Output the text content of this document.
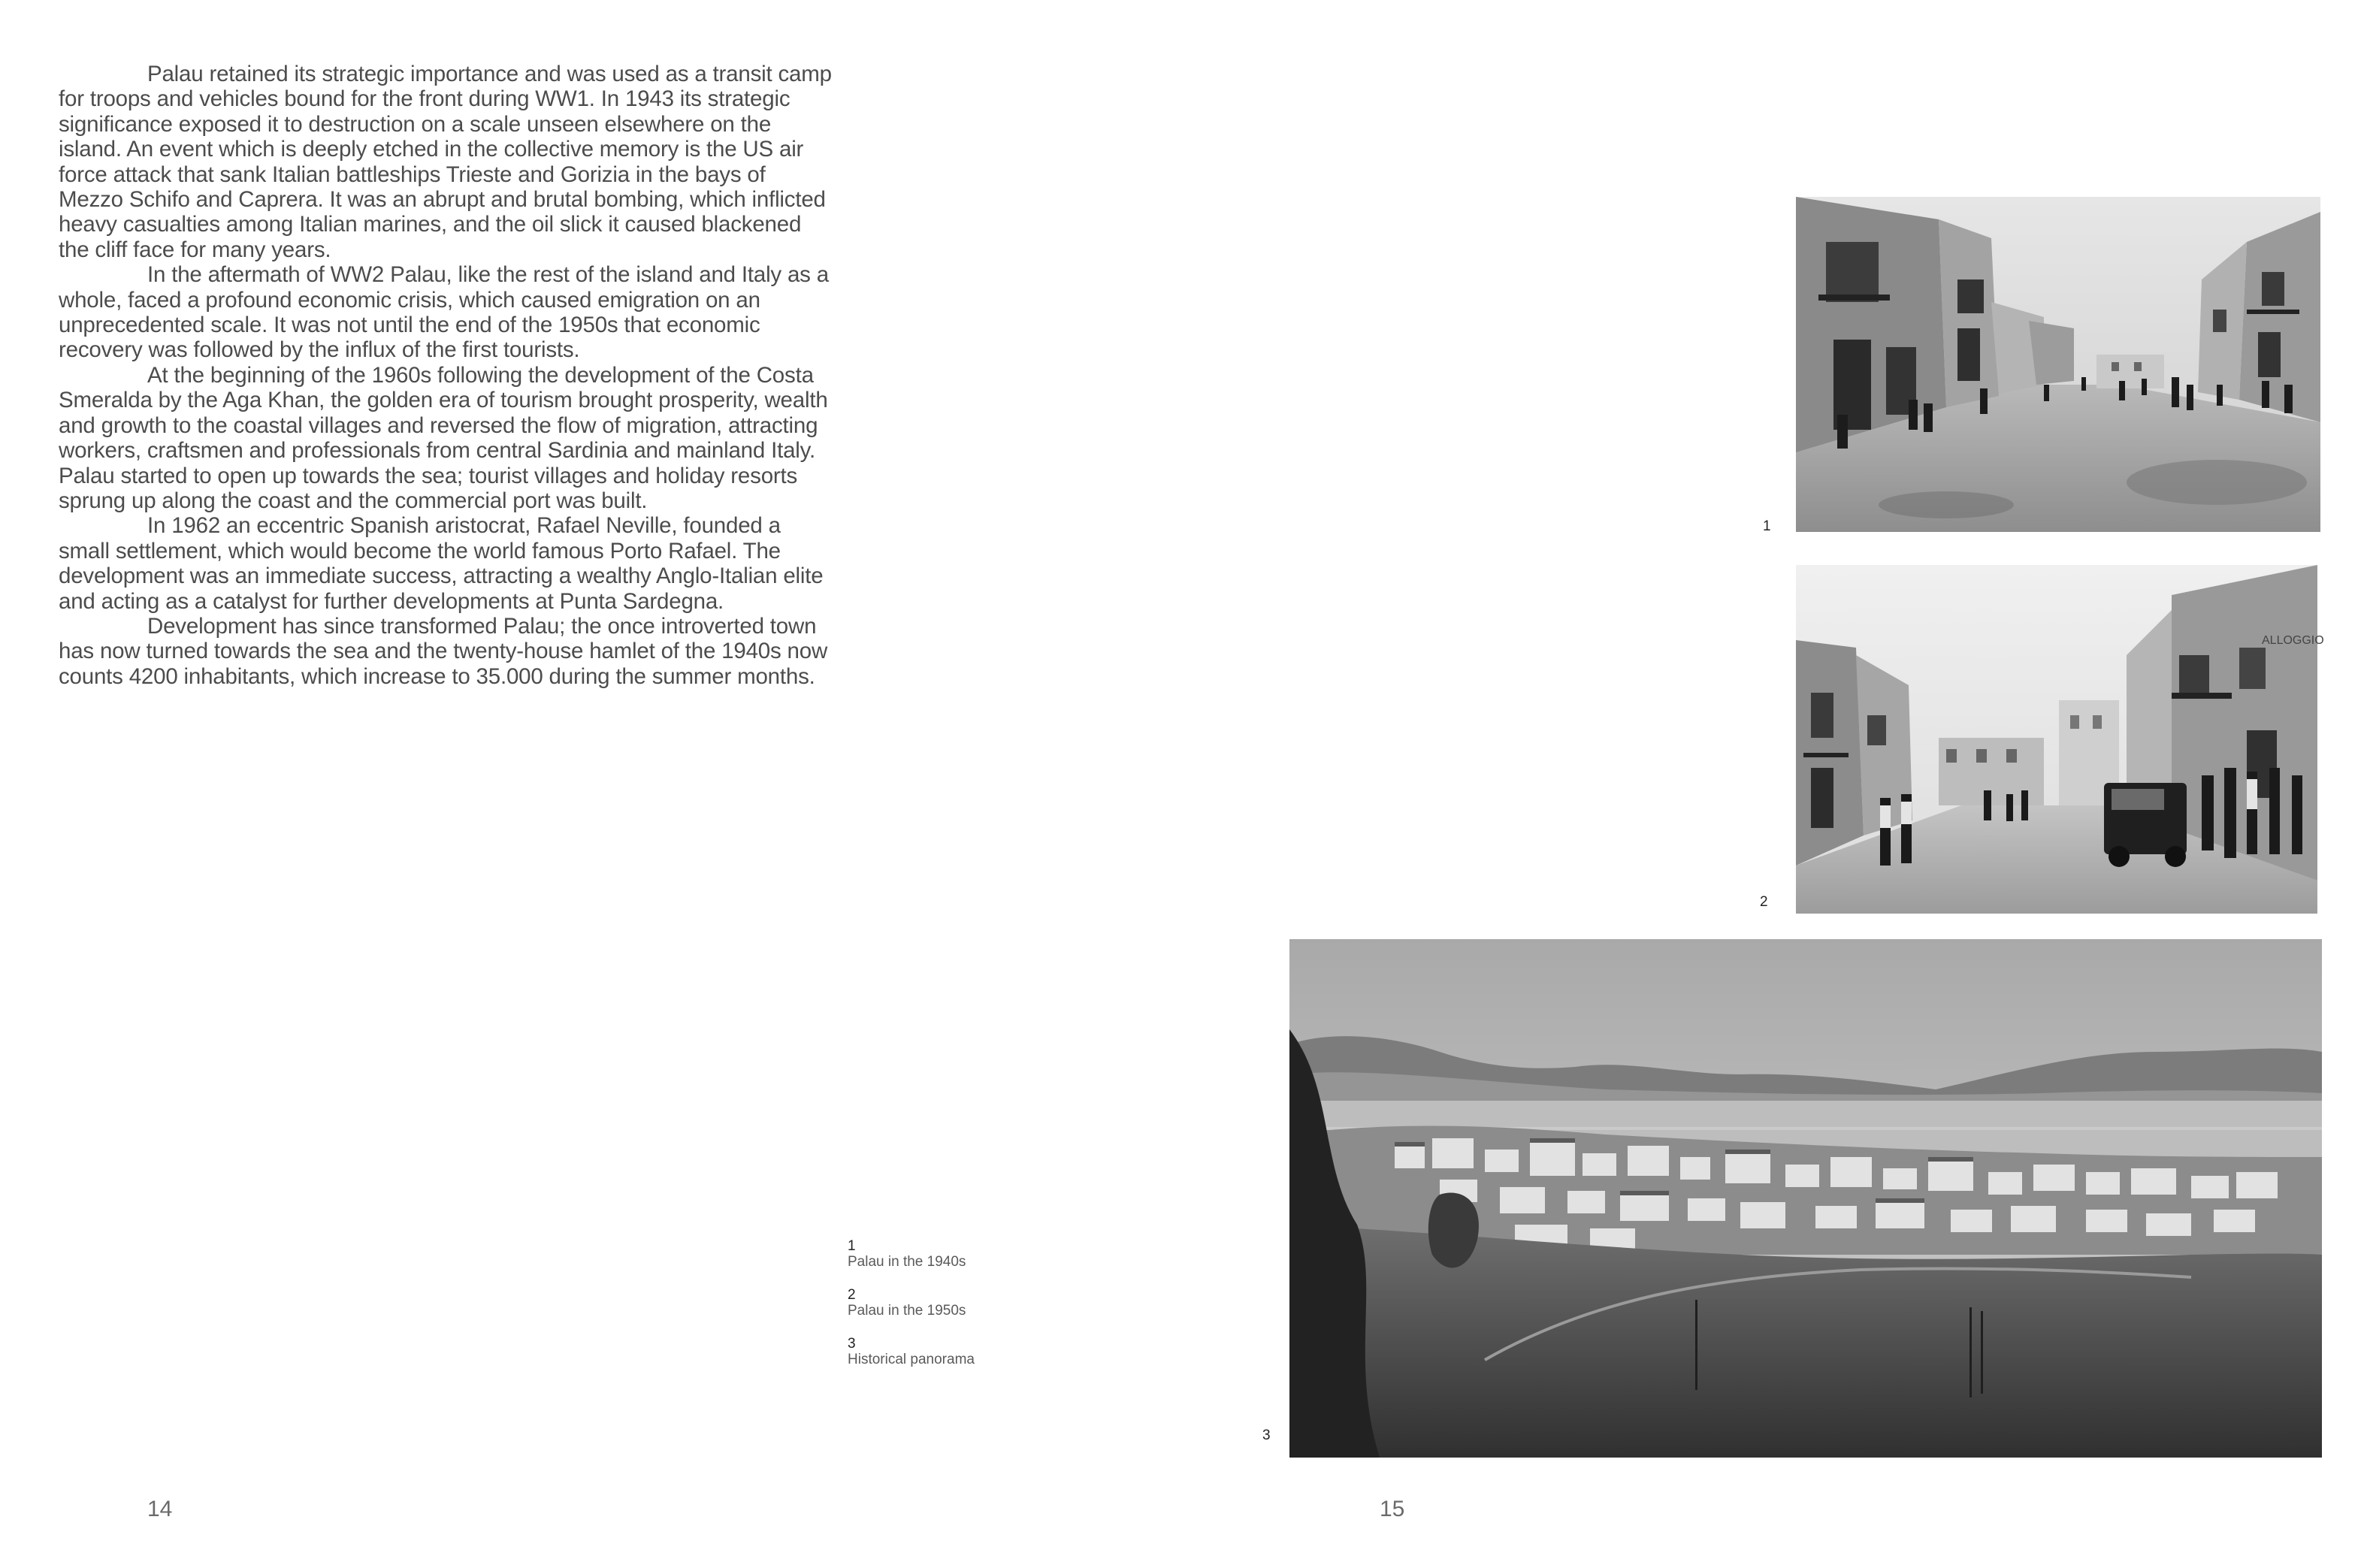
Palau retained its strategic importance and was used as a transit camp for troops and vehicles bound for the front during WW1. In 1943 its strategic significance exposed it to destruction on a scale unseen elsewhere on the island. An event which is deeply etched in the collective memory is the US air force attack that sank Italian battleships Trieste and Gorizia in the bays of Mezzo Schifo and Caprera. It was an abrupt and brutal bombing, which inflicted heavy casualties among Italian marines, and the oil slick it caused blackened the cliff face for many years.

In the aftermath of WW2 Palau, like the rest of the island and Italy as a whole, faced a profound economic crisis, which caused emigration on an unprecedented scale. It was not until the end of the 1950s that economic recovery was followed by the influx of the first tourists.

At the beginning of the 1960s following the development of the Costa Smeralda by the Aga Khan, the golden era of tourism brought prosperity, wealth and growth to the coastal villages and reversed the flow of migration, attracting workers, craftsmen and professionals from central Sardinia and mainland Italy. Palau started to open up towards the sea; tourist villages and holiday resorts sprung up along the coast and the commercial port was built.

In 1962 an eccentric Spanish aristocrat, Rafael Neville, founded a small settlement, which would become the world famous Porto Rafael. The development was an immediate success, attracting a wealthy Anglo-Italian elite and acting as a catalyst for further developments at Punta Sardegna.

Development has since transformed Palau; the once introverted town has now turned towards the sea and the twenty-house hamlet of the 1940s now counts 4200 inhabitants, which increase to 35.000 during the summer months.

1
Palau in the 1940s
2
Palau in the 1950s
3
Historical panorama
1
ALLOGGIO
2
3
14	15
